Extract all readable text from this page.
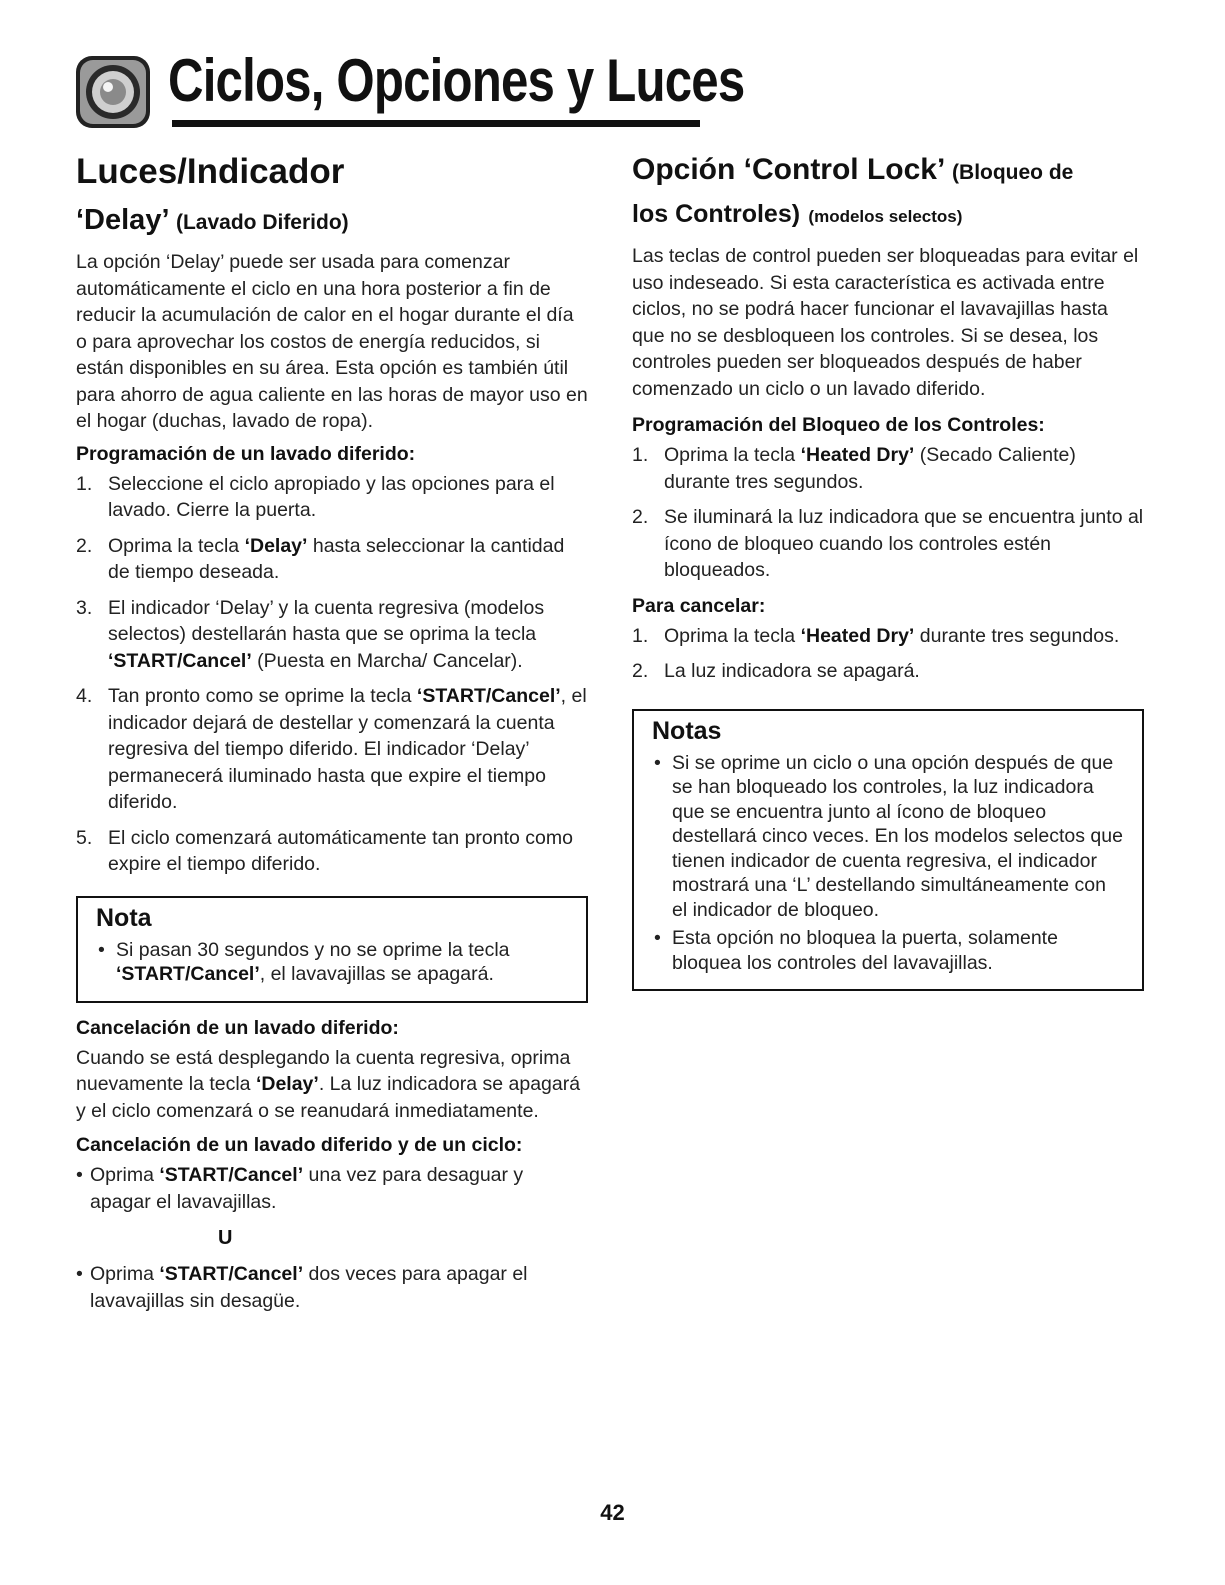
Ciclos, Opciones y Luces
Luces/Indicador
‘Delay’ (Lavado Diferido)

La opción ‘Delay’ puede ser usada para comenzar automáticamente el ciclo en una hora posterior a fin de reducir la acumulación de calor en el hogar durante el día o para aprovechar los costos de energía reducidos, si están disponibles en su área. Esta opción es también útil para ahorro de agua caliente en las horas de mayor uso en el hogar (duchas, lavado de ropa).

Programación de un lavado diferido:
1. Seleccione el ciclo apropiado y las opciones para el lavado. Cierre la puerta.
2. Oprima la tecla ‘Delay’ hasta seleccionar la cantidad de tiempo deseada.
3. El indicador ‘Delay’ y la cuenta regresiva (modelos selectos) destellarán hasta que se oprima la tecla ‘START/Cancel’ (Puesta en Marcha/ Cancelar).
4. Tan pronto como se oprime la tecla ‘START/Cancel’, el indicador dejará de destellar y comenzará la cuenta regresiva del tiempo diferido. El indicador ‘Delay’ permanecerá iluminado hasta que expire el tiempo diferido.
5. El ciclo comenzará automáticamente tan pronto como expire el tiempo diferido.
Nota
• Si pasan 30 segundos y no se oprime la tecla ‘START/Cancel’, el lavavajillas se apagará.
Cancelación de un lavado diferido:

Cuando se está desplegando la cuenta regresiva, oprima nuevamente la tecla ‘Delay’. La luz indicadora se apagará y el ciclo comenzará o se reanudará inmediatamente.

Cancelación de un lavado diferido y de un ciclo:
• Oprima ‘START/Cancel’ una vez para desaguar y apagar el lavavajillas.
U
• Oprima ‘START/Cancel’ dos veces para apagar el lavavajillas sin desagüe.
Opción ‘Control Lock’ (Bloqueo de
los Controles) (modelos selectos)

Las teclas de control pueden ser bloqueadas para evitar el uso indeseado. Si esta característica es activada entre ciclos, no se podrá hacer funcionar el lavavajillas hasta que no se desbloqueen los controles. Si se desea, los controles pueden ser bloqueados después de haber comenzado un ciclo o un lavado diferido.

Programación del Bloqueo de los Controles:
1. Oprima la tecla ‘Heated Dry’ (Secado Caliente) durante tres segundos.
2. Se iluminará la luz indicadora que se encuentra junto al ícono de bloqueo cuando los controles estén bloqueados.
Para cancelar:
1. Oprima la tecla ‘Heated Dry’ durante tres segundos.
2. La luz indicadora se apagará.
Notas
• Si se oprime un ciclo o una opción después de que se han bloqueado los controles, la luz indicadora que se encuentra junto al ícono de bloqueo destellará cinco veces. En los modelos selectos que tienen indicador de cuenta regresiva, el indicador mostrará una ‘L’ destellando simultáneamente con el indicador de bloqueo.
• Esta opción no bloquea la puerta, solamente bloquea los controles del lavavajillas.
42
